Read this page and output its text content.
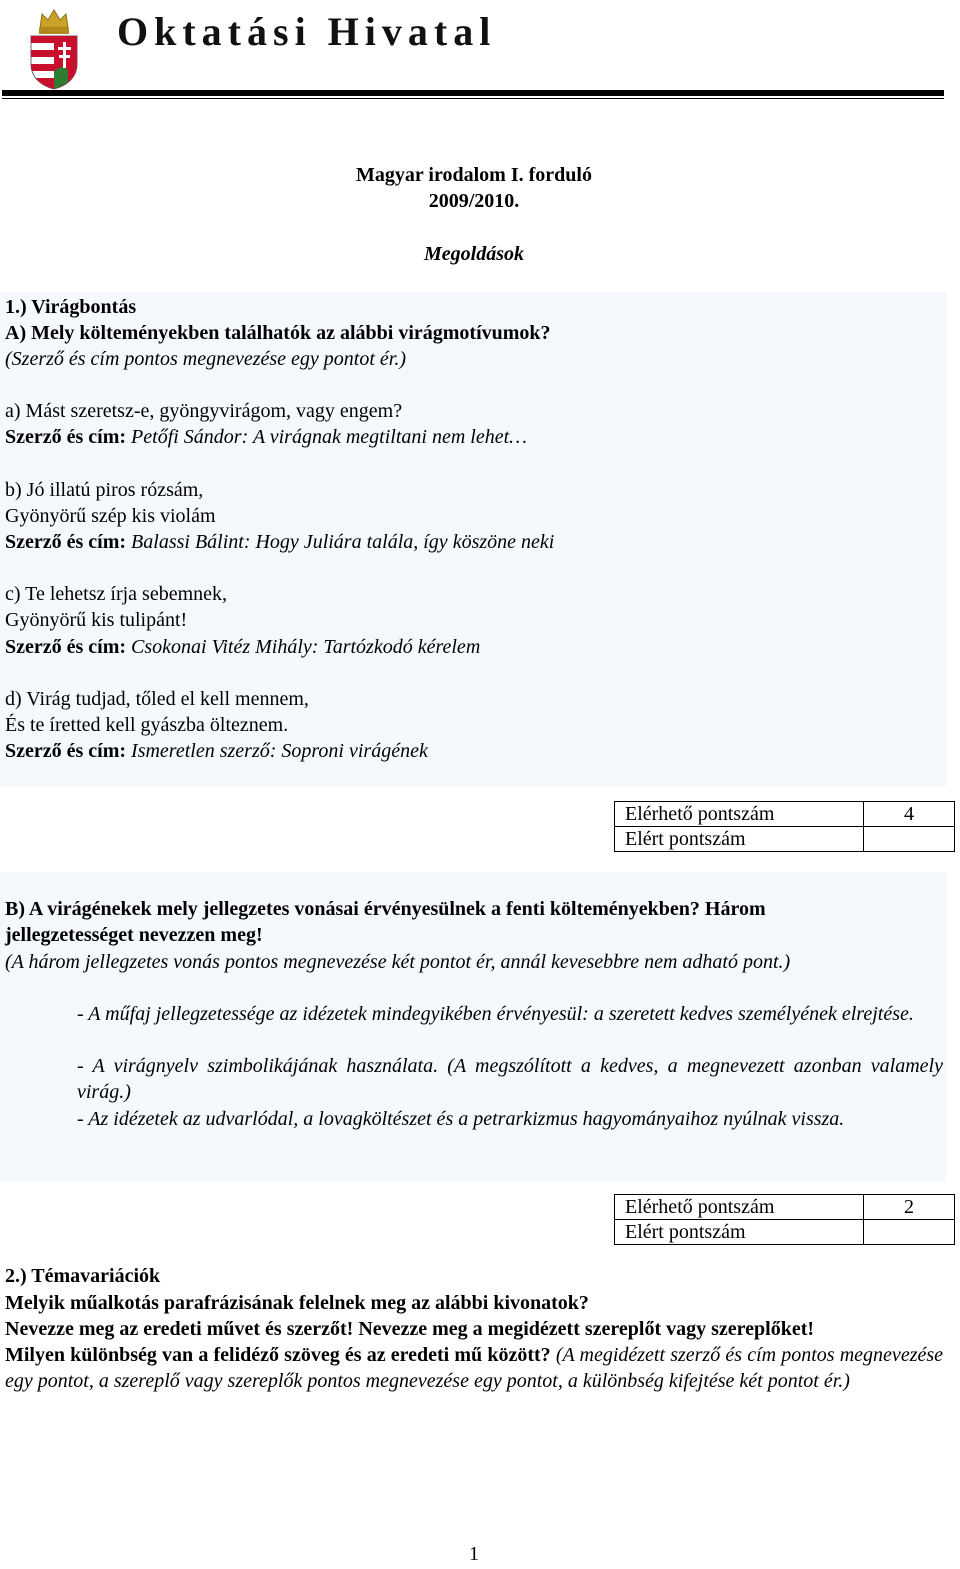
Oktatási Hivatal
Magyar irodalom I. forduló
2009/2010.
Megoldások
1.) Virágbontás
A) Mely költeményekben találhatók az alábbi virágmotívumok?
(Szerző és cím pontos megnevezése egy pontot ér.)
a) Mást szeretsz-e, gyöngyvirágom, vagy engem?
Szerző és cím: Petőfi Sándor: A virágnak megtiltani nem lehet…
b) Jó illatú piros rózsám,
Gyönyörű szép kis violám
Szerző és cím: Balassi Bálint: Hogy Juliára talála, így köszöne neki
c) Te lehetsz írja sebemnek,
Gyönyörű kis tulipánt!
Szerző és cím: Csokonai Vitéz Mihály: Tartózkodó kérelem
d) Virág tudjad, tőled el kell mennem,
És te íretted kell gyászba ölteznem.
Szerző és cím: Ismeretlen szerző: Soproni virágének
Elérhető pontszám	4
Elért pontszám	
B) A virágénekek mely jellegzetes vonásai érvényesülnek a fenti költeményekben? Három
jellegzetességet nevezzen meg!
(A három jellegzetes vonás pontos megnevezése két pontot ér, annál kevesebbre nem adható pont.)
- A műfaj jellegzetessége az idézetek mindegyikében érvényesül: a szeretett kedves személyének elrejtése.
- A virágnyelv szimbolikájának használata. (A megszólított a kedves, a megnevezett azonban valamely virág.)
- Az idézetek az udvarlódal, a lovagköltészet és a petrarkizmus hagyományaihoz nyúlnak vissza.
Elérhető pontszám	2
Elért pontszám	
2.) Témavariációk
Melyik műalkotás parafrázisának felelnek meg az alábbi kivonatok?
Nevezze meg az eredeti művet és szerzőt! Nevezze meg a megidézett szereplőt vagy szereplőket!
Milyen különbség van a felidéző szöveg és az eredeti mű között? (A megidézett szerző és cím pontos megnevezése egy pontot, a szereplő vagy szereplők pontos megnevezése egy pontot, a különbség kifejtése két pontot ér.)
1
